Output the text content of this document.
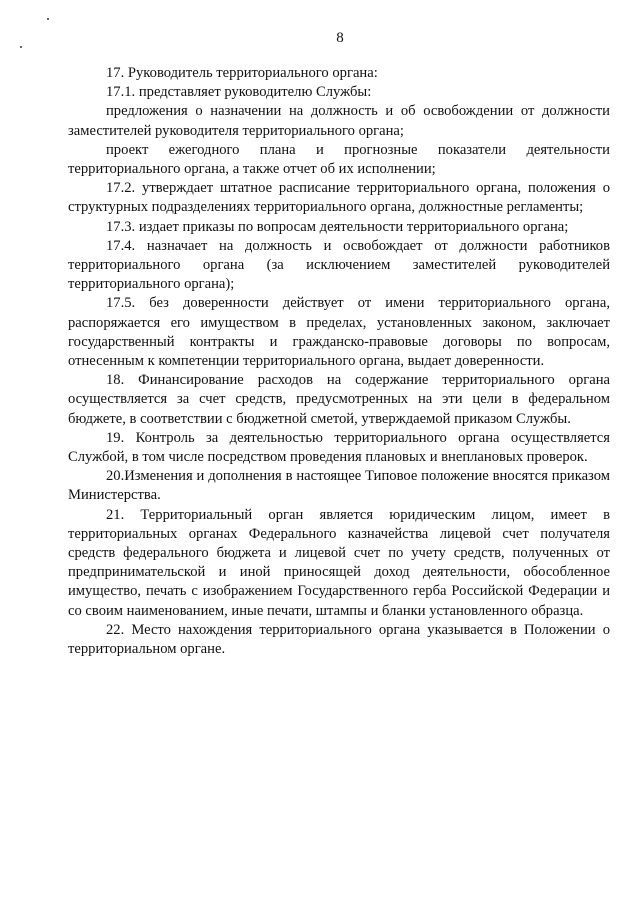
8

17. Руководитель территориального органа:

17.1. представляет руководителю Службы:

предложения о назначении на должность и об освобождении от должности заместителей руководителя территориального органа;

проект ежегодного плана и прогнозные показатели деятельности территориального органа, а также отчет об их исполнении;

17.2. утверждает штатное расписание территориального органа, положения о структурных подразделениях территориального органа, должностные регламенты;

17.3. издает приказы по вопросам деятельности территориального органа;

17.4. назначает на должность и освобождает от должности работников территориального органа (за исключением заместителей руководителей территориального органа);

17.5. без доверенности действует от имени территориального органа, распоряжается его имуществом в пределах, установленных законом, заключает государственный контракты и гражданско-правовые договоры по вопросам, отнесенным к компетенции территориального органа, выдает доверенности.

18. Финансирование расходов на содержание территориального органа осуществляется за счет средств, предусмотренных на эти цели в федеральном бюджете, в соответствии с бюджетной сметой, утверждаемой приказом Службы.

19. Контроль за деятельностью территориального органа осуществляется Службой, в том числе посредством проведения плановых и внеплановых проверок.

20.Изменения и дополнения в настоящее Типовое положение вносятся приказом Министерства.

21. Территориальный орган является юридическим лицом, имеет в территориальных органах Федерального казначейства лицевой счет получателя средств федерального бюджета и лицевой счет по учету средств, полученных от предпринимательской и иной приносящей доход деятельности, обособленное имущество, печать с изображением Государственного герба Российской Федерации и со своим наименованием, иные печати, штампы и бланки установленного образца.

22. Место нахождения территориального органа указывается в Положении о территориальном органе.
